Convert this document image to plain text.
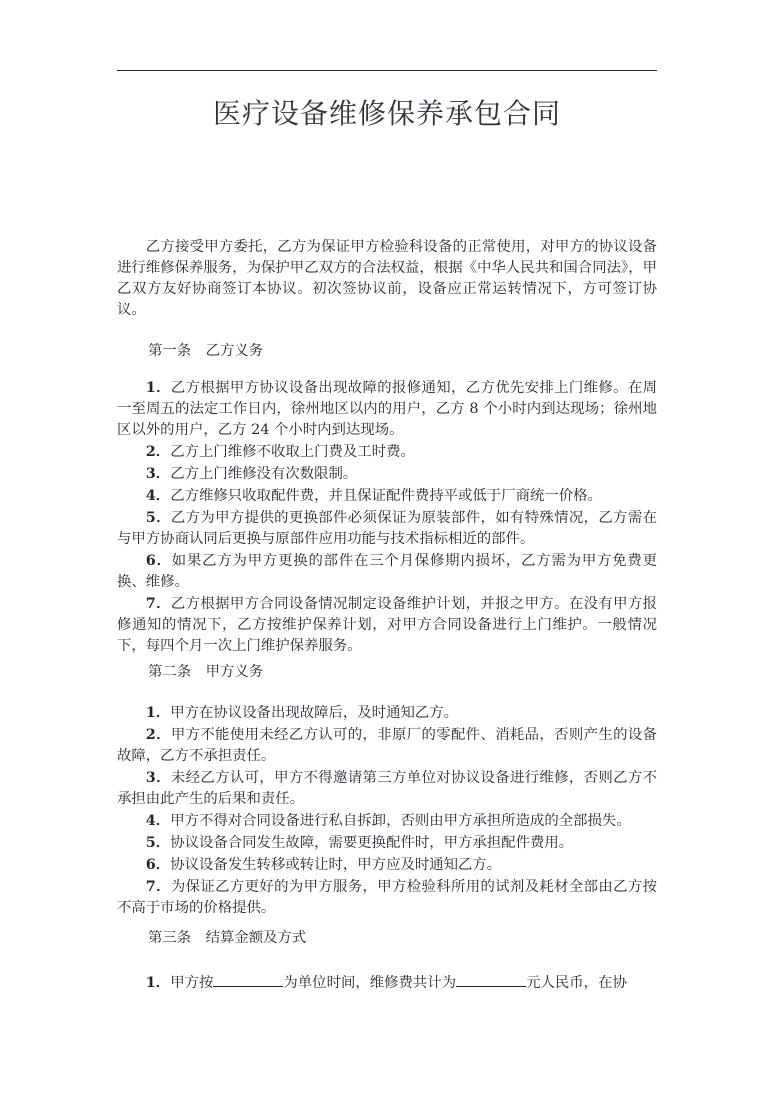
医疗设备维修保养承包合同

乙方接受甲方委托，乙方为保证甲方检验科设备的正常使用，对甲方的协议设备进行维修保养服务，为保护甲乙双方的合法权益，根据《中华人民共和国合同法》，甲乙双方友好协商签订本协议。初次签协议前，设备应正常运转情况下，方可签订协议。

第一条　乙方义务

1．乙方根据甲方协议设备出现故障的报修通知，乙方优先安排上门维修。在周一至周五的法定工作日内，徐州地区以内的用户，乙方 8 个小时内到达现场；徐州地区以外的用户，乙方 24 个小时内到达现场。

2．乙方上门维修不收取上门费及工时费。

3．乙方上门维修没有次数限制。

4．乙方维修只收取配件费，并且保证配件费持平或低于厂商统一价格。

5．乙方为甲方提供的更换部件必须保证为原装部件，如有特殊情况，乙方需在与甲方协商认同后更换与原部件应用功能与技术指标相近的部件。

6．如果乙方为甲方更换的部件在三个月保修期内损坏，乙方需为甲方免费更换、维修。

7．乙方根据甲方合同设备情况制定设备维护计划，并报之甲方。在没有甲方报修通知的情况下，乙方按维护保养计划，对甲方合同设备进行上门维护。一般情况下，每四个月一次上门维护保养服务。

第二条　甲方义务

1．甲方在协议设备出现故障后，及时通知乙方。

2．甲方不能使用未经乙方认可的，非原厂的零配件、消耗品，否则产生的设备故障，乙方不承担责任。

3．未经乙方认可，甲方不得邀请第三方单位对协议设备进行维修，否则乙方不承担由此产生的后果和责任。

4．甲方不得对合同设备进行私自拆卸，否则由甲方承担所造成的全部损失。

5．协议设备合同发生故障，需要更换配件时，甲方承担配件费用。

6．协议设备发生转移或转让时，甲方应及时通知乙方。

7．为保证乙方更好的为甲方服务，甲方检验科所用的试剂及耗材全部由乙方按不高于市场的价格提供。

第三条　结算金额及方式

1．甲方按	为单位时间，维修费共计为	元人民币，在协
